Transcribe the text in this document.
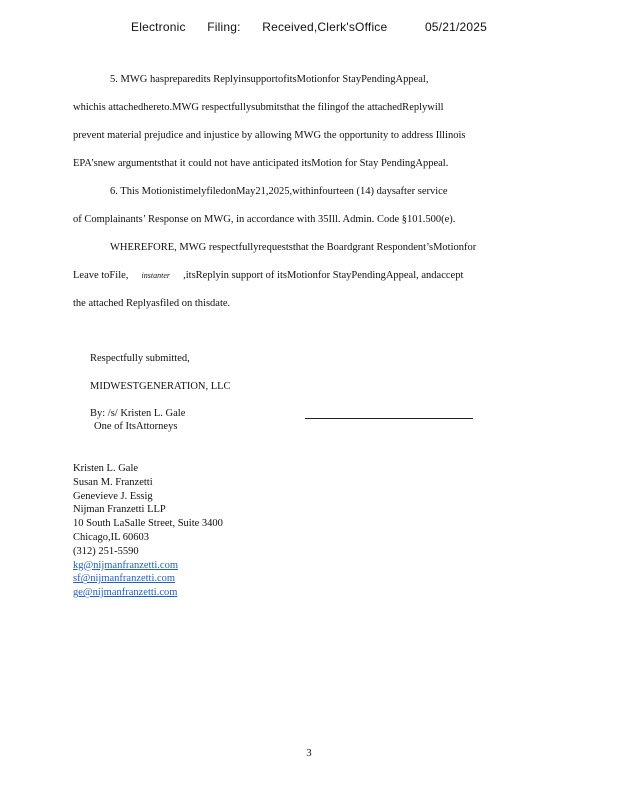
Electronic Filing: Received,Clerk'sOffice	05/21/2025
5. MWG haspreparedits ReplyinsupportofitsMotionfor StayPendingAppeal,
whichis attachedhereto.MWG respectfullysubmitsthat the filingof the attachedReplywill
prevent material prejudice and injustice by allowing MWG the opportunity to address Illinois
EPA’snew argumentsthat it could not have anticipated itsMotion for Stay PendingAppeal.
6. This MotionistimelyfiledonMay21,2025,withinfourteen (14) daysafter service
of Complainants’ Response on MWG, in accordance with 35Ill. Admin. Code §101.500(e).
WHEREFORE, MWG respectfullyrequeststhat the Boardgrant Respondent’sMotionfor
Leave toFile, instanter ,itsReplyin support of itsMotionfor StayPendingAppeal, andaccept
the attached Replyasfiled on thisdate.
Respectfully submitted,
MIDWESTGENERATION, LLC
By: /s/ Kristen L. Gale
One of ItsAttorneys
Kristen L. Gale
Susan M. Franzetti
Genevieve J. Essig
Nijman Franzetti LLP
10 South LaSalle Street, Suite 3400
Chicago,IL 60603
(312) 251-5590
kg@nijmanfranzetti.com
sf@nijmanfranzetti.com
ge@nijmanfranzetti.com
3
